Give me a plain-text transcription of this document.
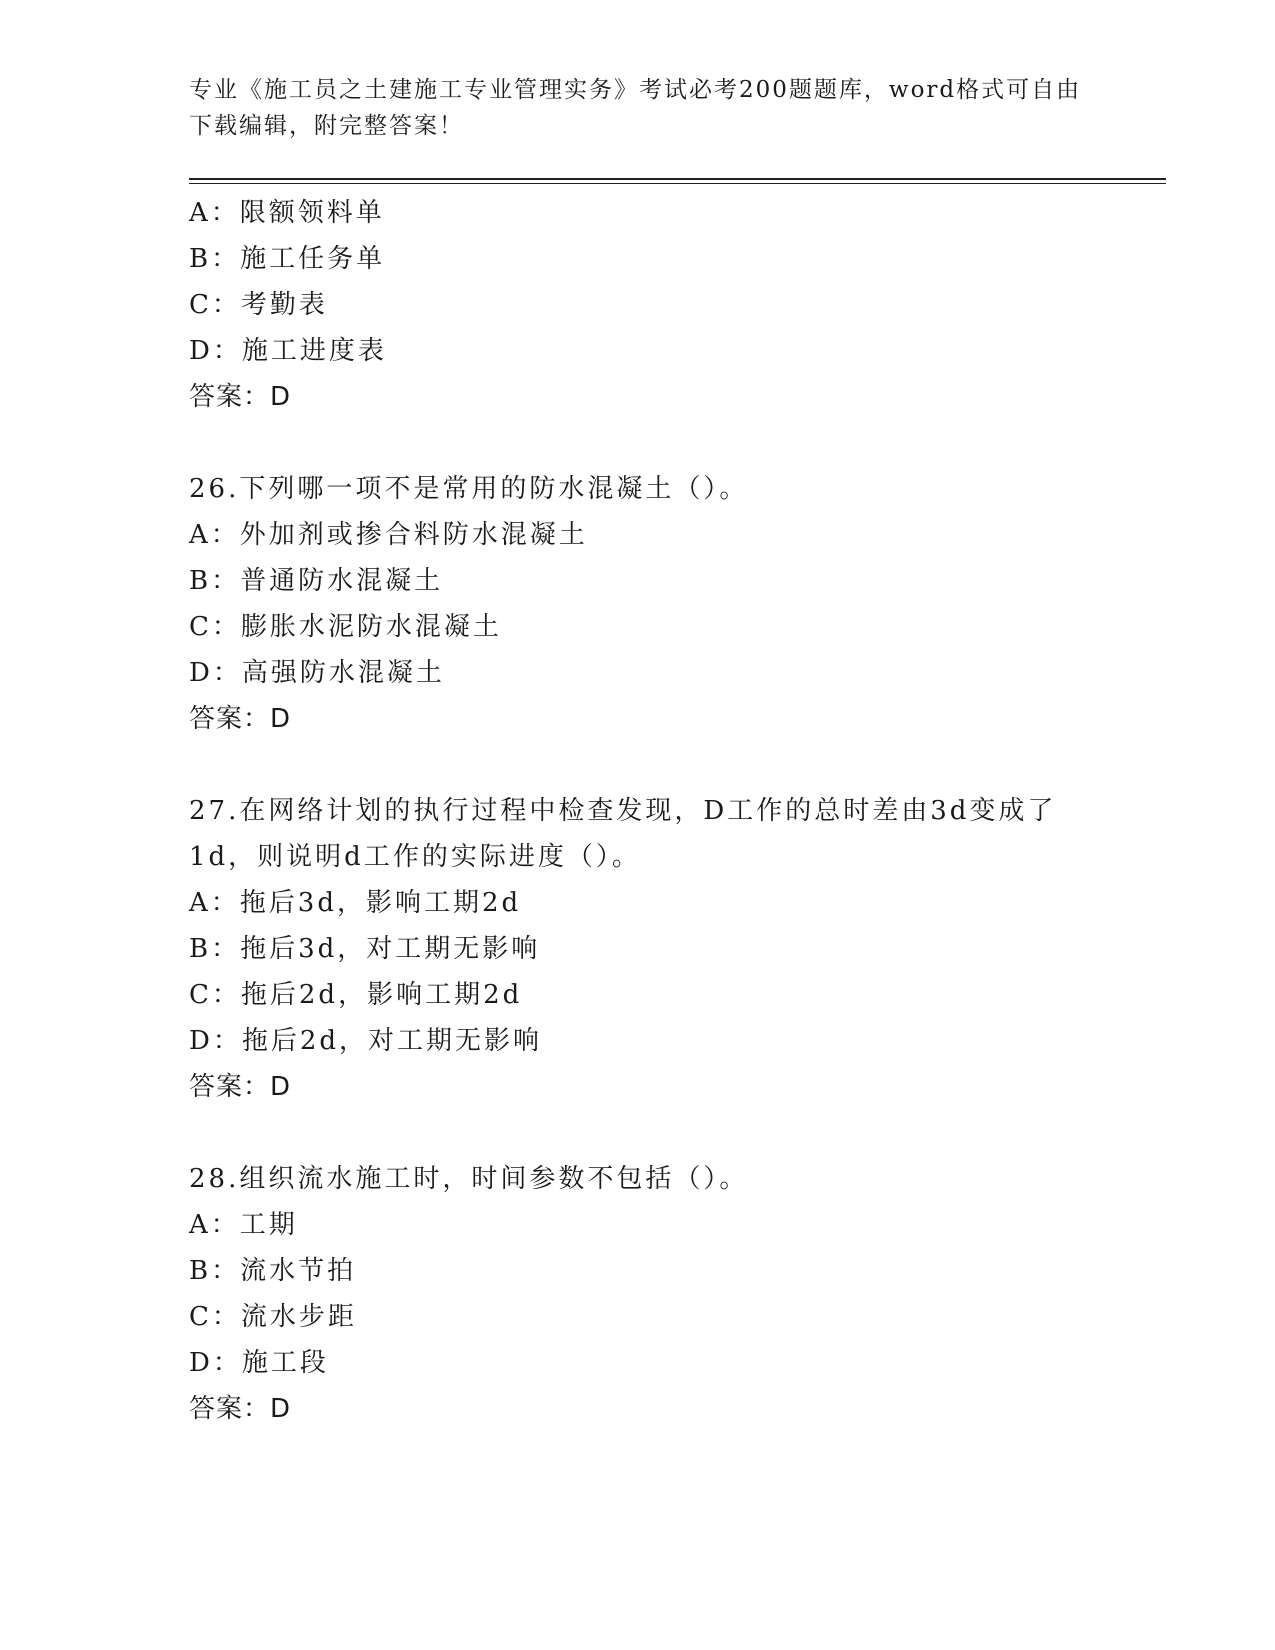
专业《施工员之土建施工专业管理实务》考试必考200题题库，word格式可自由
下载编辑，附完整答案！
A：限额领料单
B：施工任务单
C：考勤表
D：施工进度表
答案：D
26.下列哪一项不是常用的防水混凝土（）。
A：外加剂或掺合料防水混凝土
B：普通防水混凝土
C：膨胀水泥防水混凝土
D：高强防水混凝土
答案：D
27.在网络计划的执行过程中检查发现，D工作的总时差由3d变成了
1d，则说明d工作的实际进度（）。
A：拖后3d，影响工期2d
B：拖后3d，对工期无影响
C：拖后2d，影响工期2d
D：拖后2d，对工期无影响
答案：D
28.组织流水施工时，时间参数不包括（）。
A：工期
B：流水节拍
C：流水步距
D：施工段
答案：D
